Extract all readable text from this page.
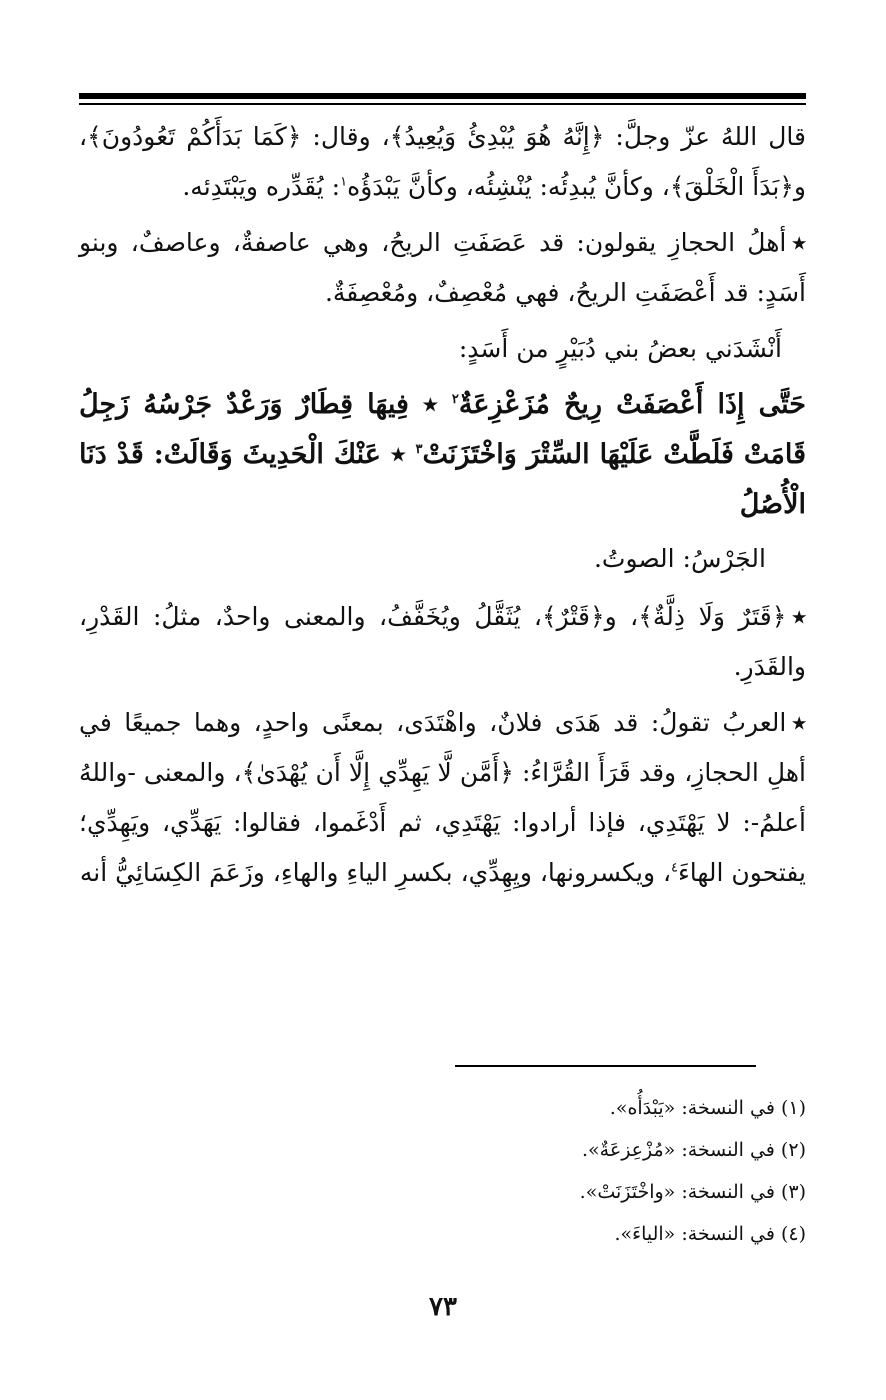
قال اللهُ عزّ وجلَّ: ﴿إِنَّهُ هُوَ يُبْدِئُ وَيُعِيدُ﴾، وقال: ﴿كَمَا بَدَأَكُمْ تَعُودُونَ﴾، و﴿بَدَأَ الْخَلْقَ﴾، وكأنَّ يُبدِئُه: يُنْشِئُه، وكأنَّ يَبْدَؤُه$^١$: يُقَدِّره ويَبْتَدِئه.

٭أهلُ الحجازِ يقولون: قد عَصَفَتِ الريحُ، وهي عاصفةٌ، وعاصفٌ، وبنو أَسَدٍ: قد أَعْصَفَتِ الريحُ، فهي مُعْصِفٌ، ومُعْصِفَةٌ.

أَنْشَدَني بعضُ بني دُبَيْرٍ من أَسَدٍ:

حَتَّى إِذَا أَعْصَفَتْ رِيحٌ مُزَعْزِعَةٌ$^٢$ ٭ فِيهَا قِطَارٌ وَرَعْدٌ جَرْسُهُ زَجِلُ

قَامَتْ فَلَطَّتْ عَلَيْهَا السِّتْرَ وَاخْتَزَنَتْ$^٣$ ٭ عَنْكَ الْحَدِيثَ وَقَالَتْ: قَدْ دَنَا الْأُصُلُ

الجَرْسُ: الصوتُ.

٭﴿قَتَرٌ وَلَا ذِلَّةٌ﴾، و﴿قَتْرٌ﴾، يُثَقَّلُ ويُخَفَّفُ، والمعنى واحدٌ، مثلُ: القَدْرِ، والقَدَرِ.

٭العربُ تقولُ: قد هَدَى فلانٌ، واهْتَدَى، بمعنًى واحدٍ، وهما جميعًا في أهلِ الحجازِ، وقد قَرَأَ القُرَّاءُ: ﴿أَمَّن لَّا يَهِدِّي إِلَّا أَن يُهْدَىٰ﴾، والمعنى -واللهُ أعلمُ-: لا يَهْتَدِي، فإذا أرادوا: يَهْتَدِي، ثم أَدْغَموا، فقالوا: يَهَدِّي، ويَهِدِّي؛ يفتحون الهاءَ$^٤$، ويكسرونها، ويِهِدِّي، بكسرِ الياءِ والهاءِ، وزَعَمَ الكِسَائِيُّ أنه

(١) في النسخة: «يَبْدَأُه».

(٢) في النسخة: «مُزْعِزعَةٌ».

(٣) في النسخة: «واخْتَزَنَتْ».

(٤) في النسخة: «الياءَ».

٧٣
